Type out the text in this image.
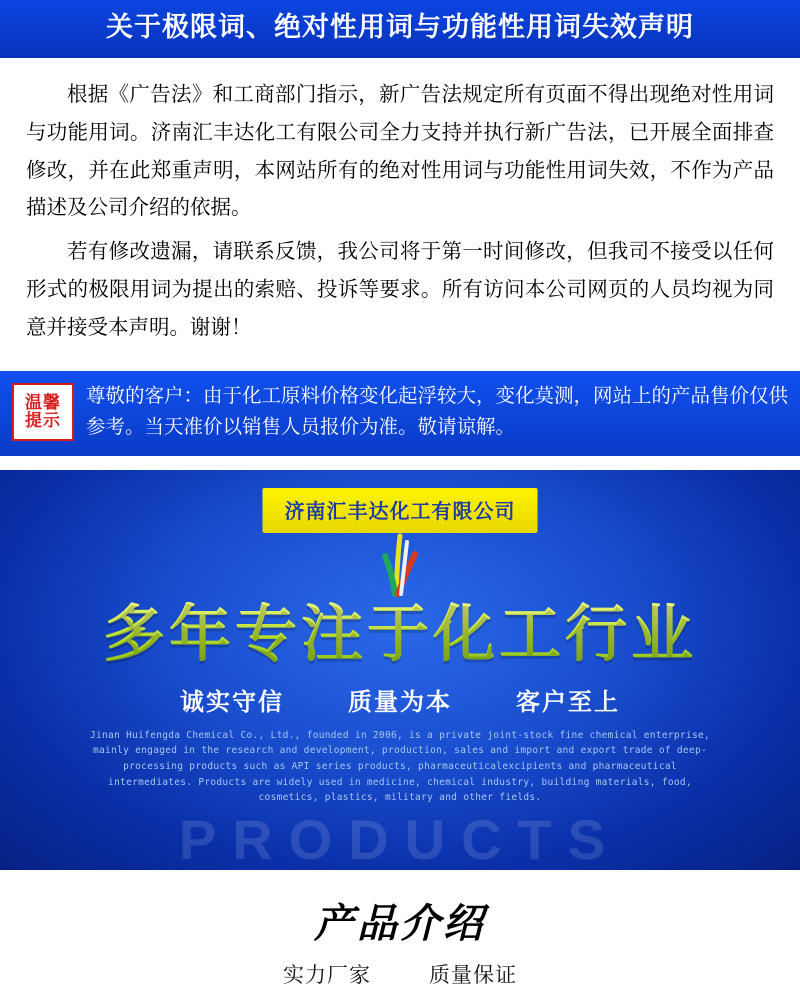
关于极限词、绝对性用词与功能性用词失效声明

根据《广告法》和工商部门指示，新广告法规定所有页面不得出现绝对性用词与功能用词。济南汇丰达化工有限公司全力支持并执行新广告法，已开展全面排查修改，并在此郑重声明，本网站所有的绝对性用词与功能性用词失效，不作为产品描述及公司介绍的依据。

若有修改遗漏，请联系反馈，我公司将于第一时间修改，但我司不接受以任何形式的极限用词为提出的索赔、投诉等要求。所有访问本公司网页的人员均视为同意并接受本声明。谢谢！

温馨
提示
尊敬的客户：由于化工原料价格变化起浮较大，变化莫测，网站上的产品售价仅供参考。当天准价以销售人员报价为准。敬请谅解。
济南汇丰达化工有限公司
多年专注于化工行业
诚实守信	质量为本	客户至上
Jinan Huifengda Chemical Co., Ltd., founded in 2006, is a private joint-stock fine chemical enterprise, mainly engaged in the research and development, production, sales and import and export trade of deep-processing products such as API series products, pharmaceuticalexcipients and pharmaceutical intermediates. Products are widely used in medicine, chemical industry, building materials, food, cosmetics, plastics, military and other fields.
PRODUCTS
产品介绍
实力厂家	质量保证
